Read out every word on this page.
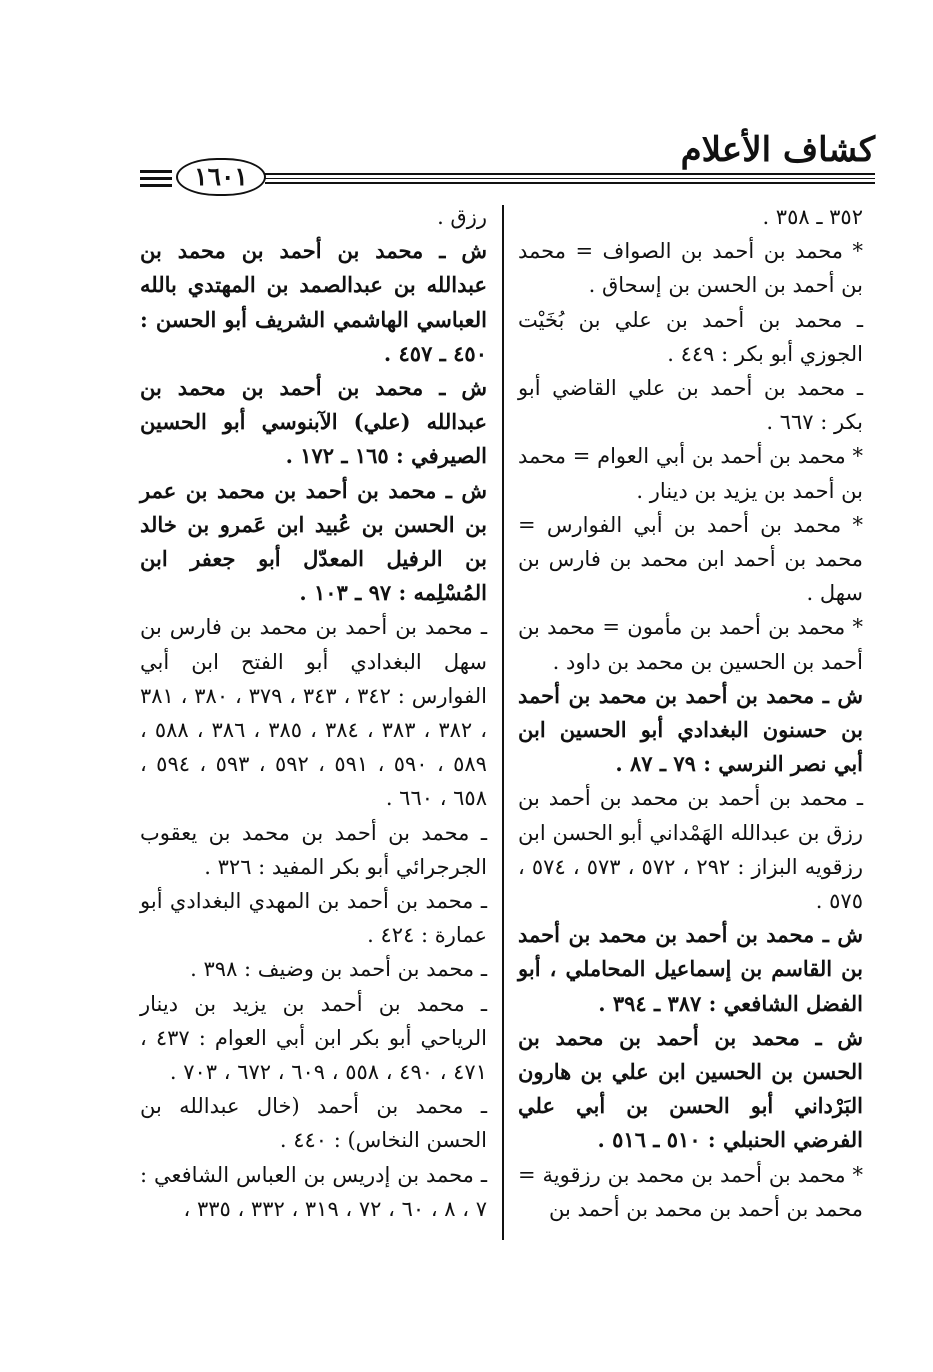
كشاف الأعلام
١٦٠١

٣٥٢ ـ ٣٥٨ .

* محمد بن أحمد بن الصواف = محمد بن أحمد بن الحسن بن إسحاق .

ـ محمد بن أحمد بن علي بن بُخَيْت الجوزي أبو بكر : ٤٤٩ .

ـ محمد بن أحمد بن علي القاضي أبو بكر : ٦٦٧ .

* محمد بن أحمد بن أبي العوام = محمد بن أحمد بن يزيد بن دينار .

* محمد بن أحمد بن أبي الفوارس = محمد بن أحمد ابن محمد بن فارس بن سهل .

* محمد بن أحمد بن مأمون = محمد بن أحمد بن الحسين بن محمد بن داود .

ش ـ محمد بن أحمد بن محمد بن أحمد بن حسنون البغدادي أبو الحسين ابن أبي نصر النرسي : ٧٩ ـ ٨٧ .

ـ محمد بن أحمد بن محمد بن أحمد بن رزق بن عبدالله الهَمْداني أبو الحسن ابن رزقويه البزاز : ٢٩٢ ، ٥٧٢ ، ٥٧٣ ، ٥٧٤ ، ٥٧٥ .

ش ـ محمد بن أحمد بن محمد بن أحمد بن القاسم بن إسماعيل المحاملي ، أبو الفضل الشافعي : ٣٨٧ ـ ٣٩٤ .

ش ـ محمد بن أحمد بن محمد بن الحسن بن الحسين ابن علي بن هارون البَرْداني أبو الحسن بن أبي علي الفرضي الحنبلي : ٥١٠ ـ ٥١٦ .

* محمد بن أحمد بن محمد بن رزقوية = محمد بن أحمد بن محمد بن أحمد بن

رزق .

ش ـ محمد بن أحمد بن محمد بن عبدالله بن عبدالصمد بن المهتدي بالله العباسي الهاشمي الشريف أبو الحسن : ٤٥٠ ـ ٤٥٧ .

ش ـ محمد بن أحمد بن محمد بن عبدالله (علي) الآبنوسي أبو الحسين الصيرفي : ١٦٥ ـ ١٧٢ .

ش ـ محمد بن أحمد بن محمد بن عمر بن الحسن بن عُبيد ابن عَمرو بن خالد بن الرفيل المعدّل أبو جعفر ابن المُسْلِمه : ٩٧ ـ ١٠٣ .

ـ محمد بن أحمد بن محمد بن فارس بن سهل البغدادي أبو الفتح ابن أبي الفوارس : ٣٤٢ ، ٣٤٣ ، ٣٧٩ ، ٣٨٠ ، ٣٨١ ، ٣٨٢ ، ٣٨٣ ، ٣٨٤ ، ٣٨٥ ، ٣٨٦ ، ٥٨٨ ، ٥٨٩ ، ٥٩٠ ، ٥٩١ ، ٥٩٢ ، ٥٩٣ ، ٥٩٤ ، ٦٥٨ ، ٦٦٠ .

ـ محمد بن أحمد بن محمد بن يعقوب الجرجرائي أبو بكر المفيد : ٣٢٦ .

ـ محمد بن أحمد بن المهدي البغدادي أبو عمارة : ٤٢٤ .

ـ محمد بن أحمد بن وضيف : ٣٩٨ .

ـ محمد بن أحمد بن يزيد بن دينار الرياحي أبو بكر ابن أبي العوام : ٤٣٧ ، ٤٧١ ، ٤٩٠ ، ٥٥٨ ، ٦٠٩ ، ٦٧٢ ، ٧٠٣ .

ـ محمد بن أحمد (خال عبدالله بن الحسن النخاس) : ٤٤٠ .

ـ محمد بن إدريس بن العباس الشافعي : ٧ ، ٨ ، ٦٠ ، ٧٢ ، ٣١٩ ، ٣٣٢ ، ٣٣٥ ،
